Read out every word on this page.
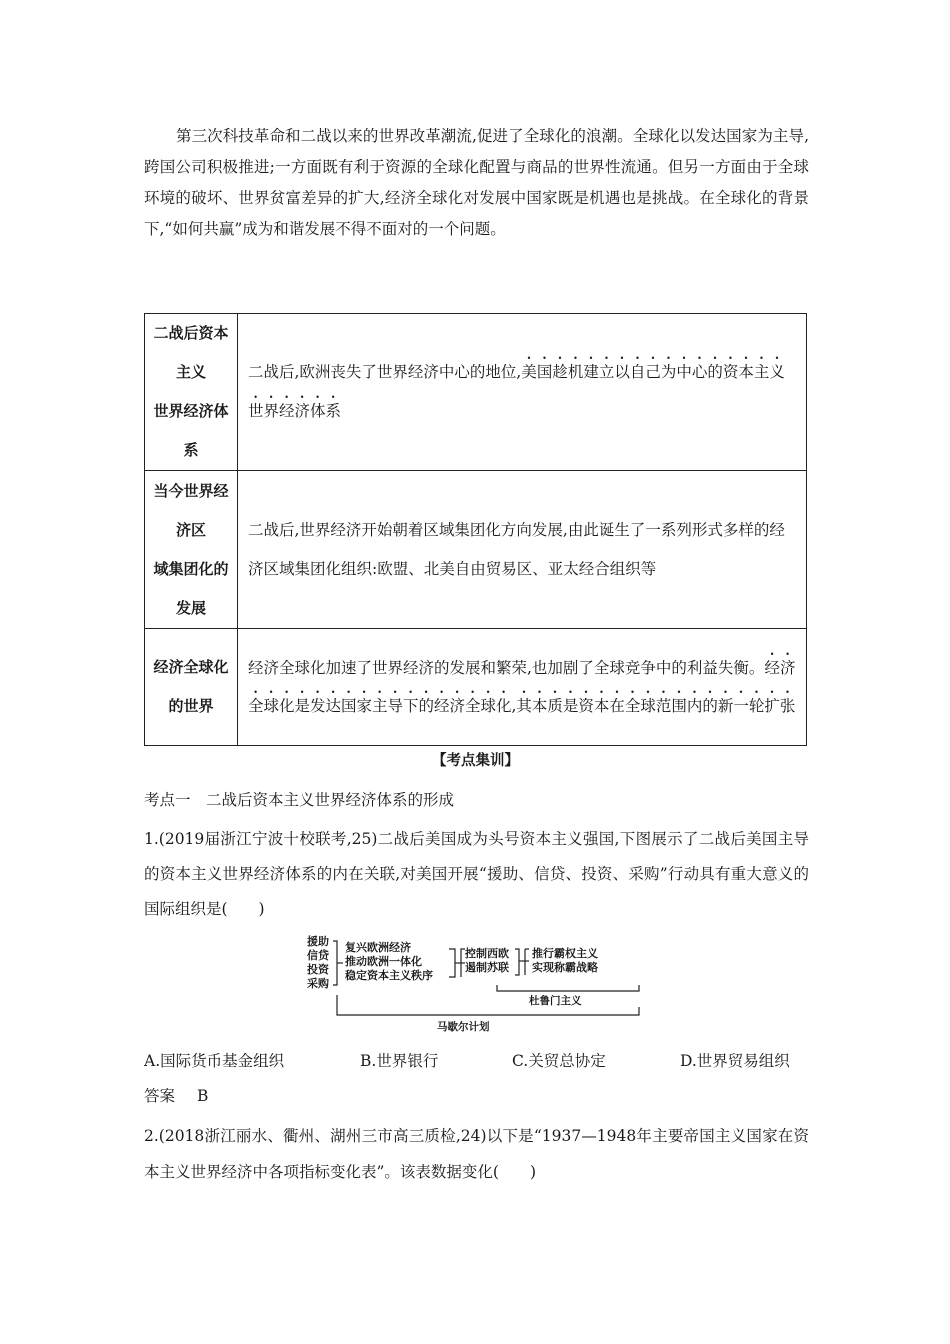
第三次科技革命和二战以来的世界改革潮流,促进了全球化的浪潮。全球化以发达国家为主导,跨国公司积极推进;一方面既有利于资源的全球化配置与商品的世界性流通。但另一方面由于全球环境的破坏、世界贫富差异的扩大,经济全球化对发展中国家既是机遇也是挑战。在全球化的背景下,“如何共赢”成为和谐发展不得不面对的一个问题。

二战后资本
主义
世界经济体
系	二战后,欧洲丧失了世界经济中心的地位,美国趁机建立以自己为中心的资本主义世界经济体系

当今世界经
济区
域集团化的
发展	二战后,世界经济开始朝着区域集团化方向发展,由此诞生了一系列形式多样的经济区域集团化组织:欧盟、北美自由贸易区、亚太经合组织等

经济全球化
的世界	经济全球化加速了世界经济的发展和繁荣,也加剧了全球竞争中的利益失衡。经济全球化是发达国家主导下的经济全球化,其本质是资本在全球范围内的新一轮扩张
【考点集训】
考点一　二战后资本主义世界经济体系的形成
1.(2019届浙江宁波十校联考,25)二战后美国成为头号资本主义强国,下图展示了二战后美国主导的资本主义世界经济体系的内在关联,对美国开展“援助、信贷、投资、采购”行动具有重大意义的国际组织是(　　)
援助
信贷
投资
采购
复兴欧洲经济
推动欧洲一体化
稳定资本主义秩序
控制西欧
遏制苏联
推行霸权主义
实现称霸战略
杜鲁门主义
马歇尔计划
A.国际货币基金组织	B.世界银行	C.关贸总协定	D.世界贸易组织
答案 B
2.(2018浙江丽水、衢州、湖州三市高三质检,24)以下是“1937—1948年主要帝国主义国家在资本主义世界经济中各项指标变化表”。该表数据变化(　　)
